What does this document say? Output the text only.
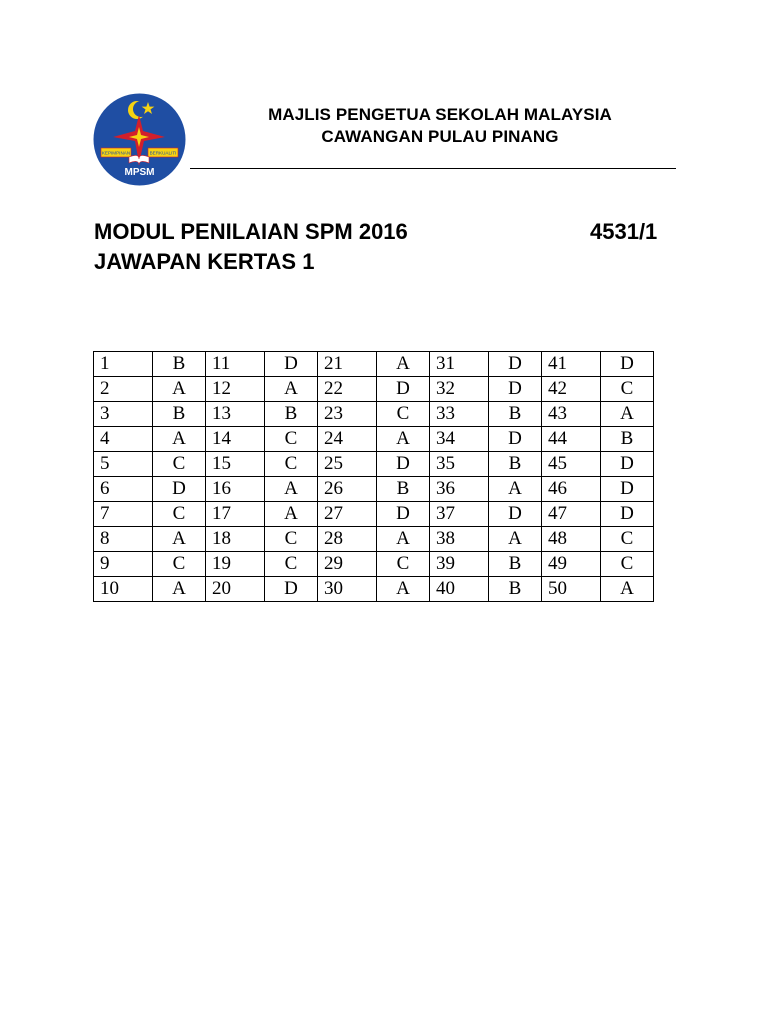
KEPIMPINAN	BERKUALITI
MPSM
MAJLIS PENGETUA SEKOLAH MALAYSIA
CAWANGAN PULAU PINANG
MODUL PENILAIAN SPM 2016	4531/1
JAWAPAN KERTAS 1
1	B	11	D	21	A	31	D	41	D
2	A	12	A	22	D	32	D	42	C
3	B	13	B	23	C	33	B	43	A
4	A	14	C	24	A	34	D	44	B
5	C	15	C	25	D	35	B	45	D
6	D	16	A	26	B	36	A	46	D
7	C	17	A	27	D	37	D	47	D
8	A	18	C	28	A	38	A	48	C
9	C	19	C	29	C	39	B	49	C
10	A	20	D	30	A	40	B	50	A
